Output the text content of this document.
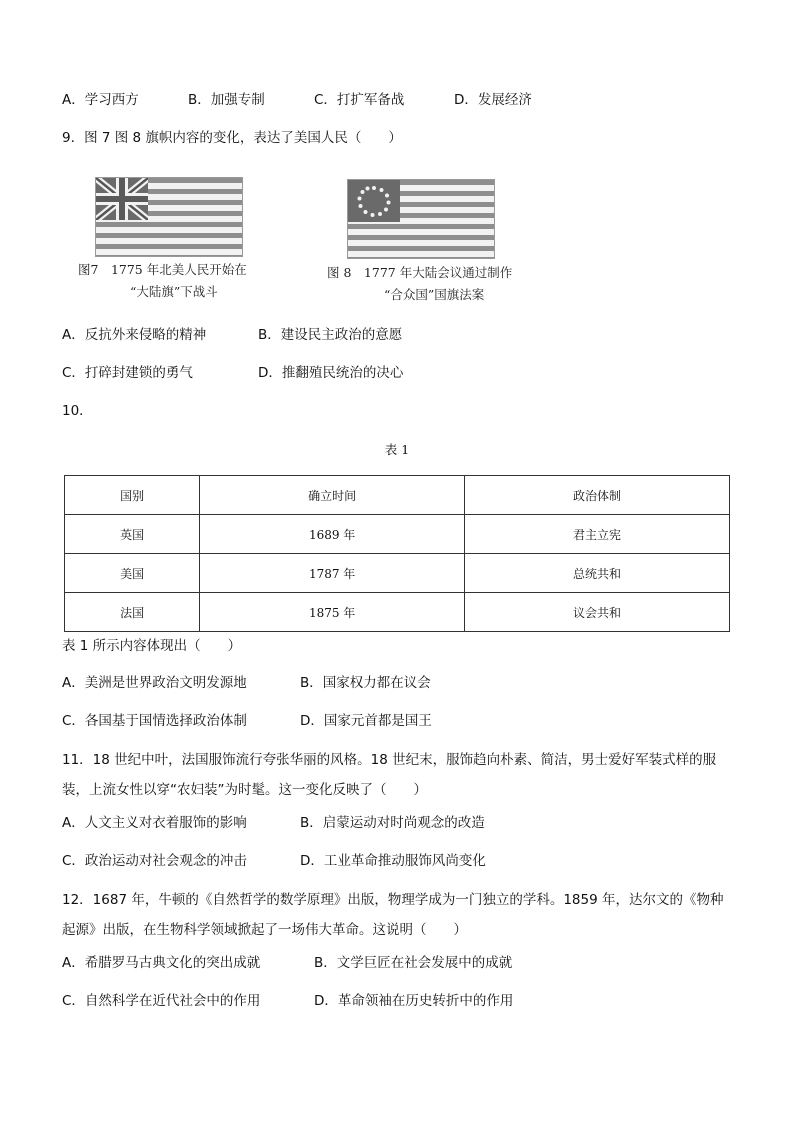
A．学习西方	B．加强专制	C．打扩军备战	D．发展经济
9．图 7 图 8 旗帜内容的变化，表达了美国人民（　　）
图7　1775 年北美人民开始在
“大陆旗”下战斗
图 8　1777 年大陆会议通过制作
“合众国”国旗法案
A．反抗外来侵略的精神	B．建设民主政治的意愿
C．打碎封建锁的勇气	D．推翻殖民统治的决心
10．
表 1
国别	确立时间	政治体制
英国	1689 年	君主立宪
美国	1787 年	总统共和
法国	1875 年	议会共和
表 1 所示内容体现出（　　）
A．美洲是世界政治文明发源地	B．国家权力都在议会
C．各国基于国情选择政治体制	D．国家元首都是国王
11．18 世纪中叶，法国服饰流行夸张华丽的风格。18 世纪末，服饰趋向朴素、简洁，男士爱好军装式样的服装，上流女性以穿“农妇装”为时髦。这一变化反映了（　　）
A．人文主义对衣着服饰的影响	B．启蒙运动对时尚观念的改造
C．政治运动对社会观念的冲击	D．工业革命推动服饰风尚变化
12．1687 年，牛顿的《自然哲学的数学原理》出版，物理学成为一门独立的学科。1859 年，达尔文的《物种起源》出版，在生物科学领域掀起了一场伟大革命。这说明（　　）
A．希腊罗马古典文化的突出成就	B．文学巨匠在社会发展中的成就
C．自然科学在近代社会中的作用	D．革命领袖在历史转折中的作用
